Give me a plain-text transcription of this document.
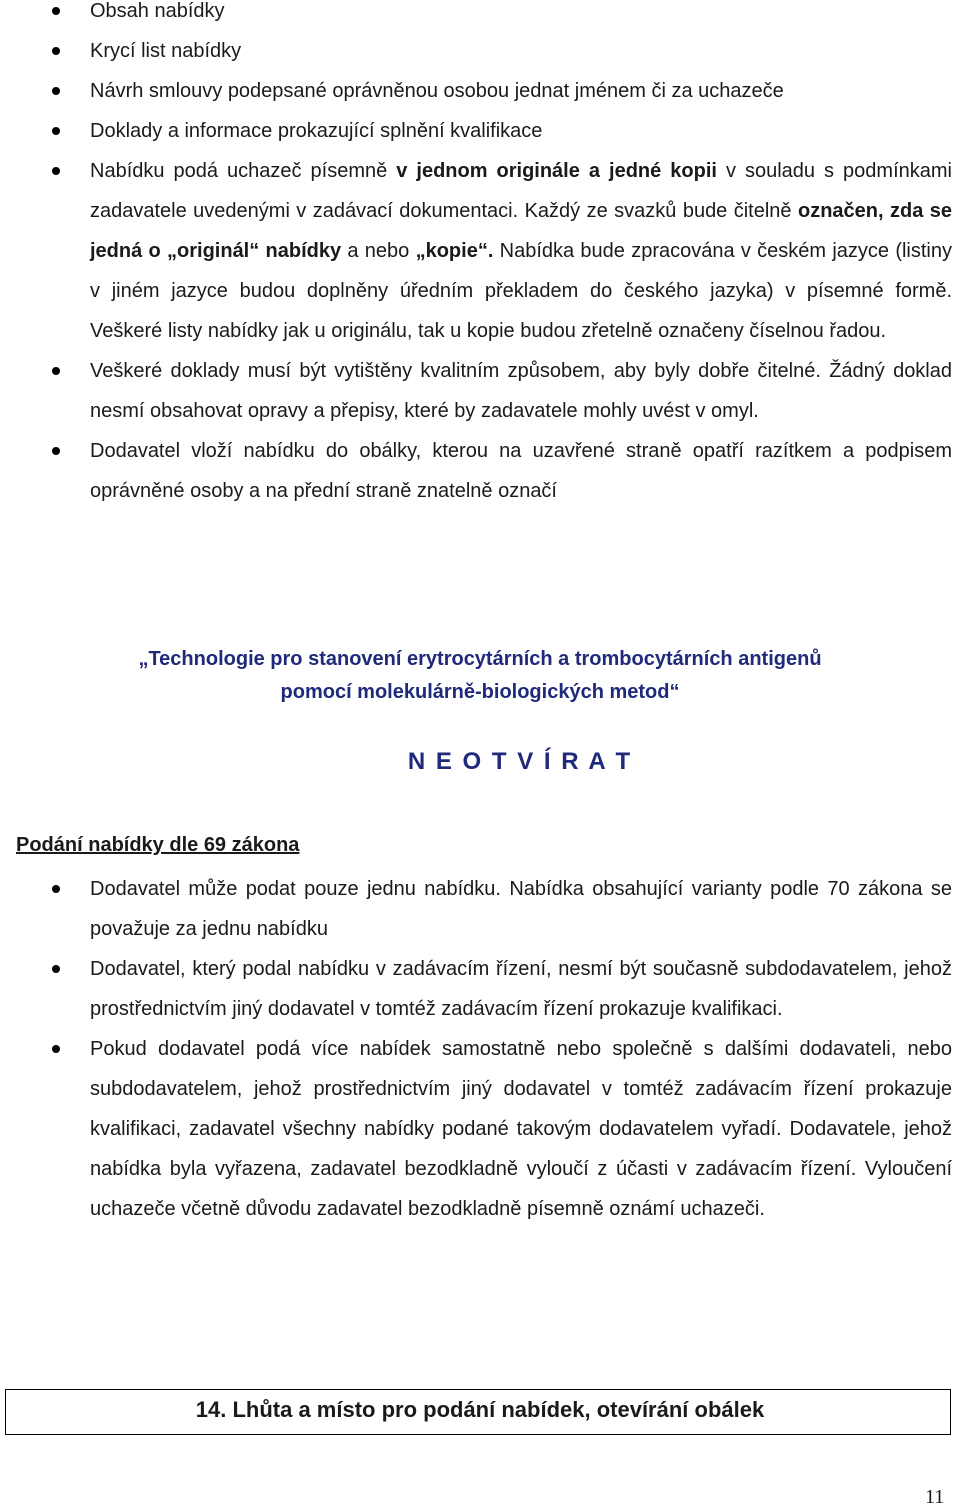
Obsah nabídky
Krycí list nabídky
Návrh smlouvy podepsané oprávněnou osobou jednat jménem či za uchazeče
Doklady a informace prokazující splnění kvalifikace
Nabídku podá uchazeč písemně v jednom originále a jedné kopii v souladu s podmínkami zadavatele uvedenými v zadávací dokumentaci. Každý ze svazků bude čitelně označen, zda se jedná o „originál“ nabídky a nebo „kopie“. Nabídka bude zpracována v českém jazyce (listiny v jiném jazyce budou doplněny úředním překladem do českého jazyka) v písemné formě. Veškeré listy nabídky jak u originálu, tak u kopie budou zřetelně označeny číselnou řadou.
Veškeré doklady musí být vytištěny kvalitním způsobem, aby byly dobře čitelné. Žádný doklad nesmí obsahovat opravy a přepisy, které by zadavatele mohly uvést v omyl.
Dodavatel vloží nabídku do obálky, kterou na uzavřené straně opatří razítkem a podpisem oprávněné osoby a na přední straně znatelně označí
„Technologie pro stanovení erytrocytárních a trombocytárních antigenů
pomocí molekulárně-biologických metod“
N E O T V Í R A T
Podání nabídky dle 69 zákona
Dodavatel může podat pouze jednu nabídku. Nabídka obsahující varianty podle 70 zákona se považuje za jednu nabídku
Dodavatel, který podal nabídku v zadávacím řízení, nesmí být současně subdodavatelem, jehož prostřednictvím jiný dodavatel v tomtéž zadávacím řízení prokazuje kvalifikaci.
Pokud dodavatel podá více nabídek samostatně nebo společně s dalšími dodavateli, nebo subdodavatelem, jehož prostřednictvím jiný dodavatel v tomtéž zadávacím řízení prokazuje kvalifikaci, zadavatel všechny nabídky podané takovým dodavatelem vyřadí. Dodavatele, jehož nabídka byla vyřazena, zadavatel bezodkladně vyloučí z účasti v zadávacím řízení. Vyloučení uchazeče včetně důvodu zadavatel bezodkladně písemně oznámí uchazeči.
14. Lhůta a místo pro podání nabídek, otevírání obálek
11
